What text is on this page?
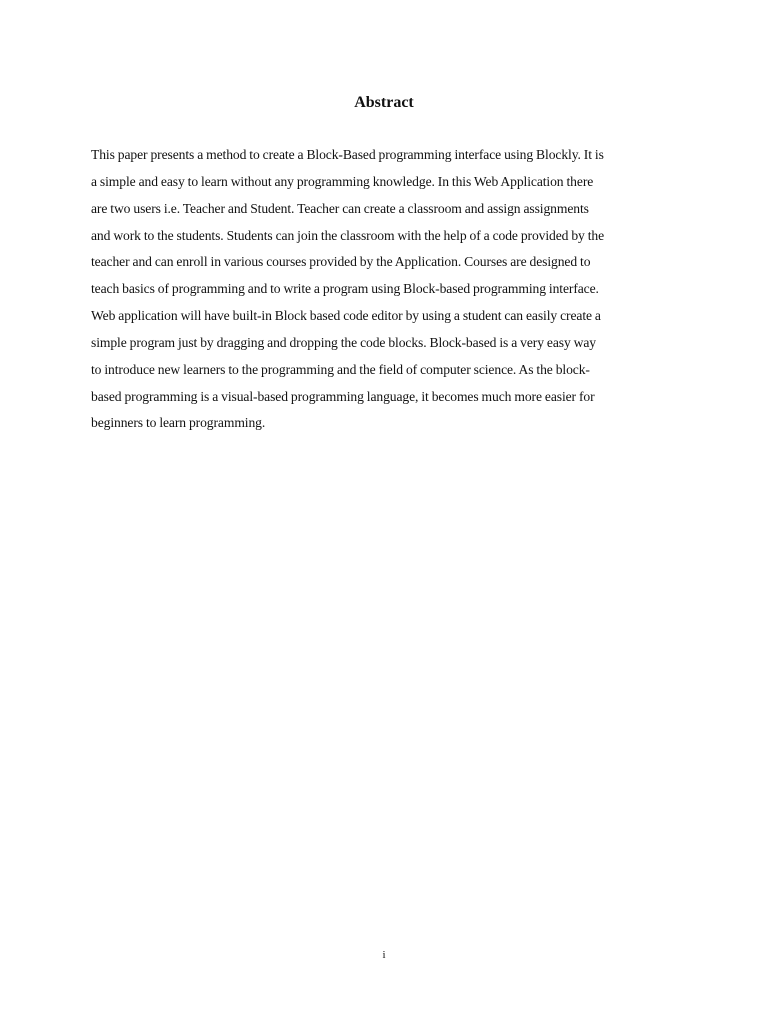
Abstract
This paper presents a method to create a Block-Based programming interface using Blockly. It is
a simple and easy to learn without any programming knowledge. In this Web Application there
are two users i.e. Teacher and Student. Teacher can create a classroom and assign assignments
and work to the students. Students can join the classroom with the help of a code provided by the
teacher and can enroll in various courses provided by the Application. Courses are designed to
teach basics of programming and to write a program using Block-based programming interface.
Web application will have built-in Block based code editor by using a student can easily create a
simple program just by dragging and dropping the code blocks. Block-based is a very easy way
to introduce new learners to the programming and the field of computer science. As the block-
based programming is a visual-based programming language, it becomes much more easier for
beginners to learn programming.
i
